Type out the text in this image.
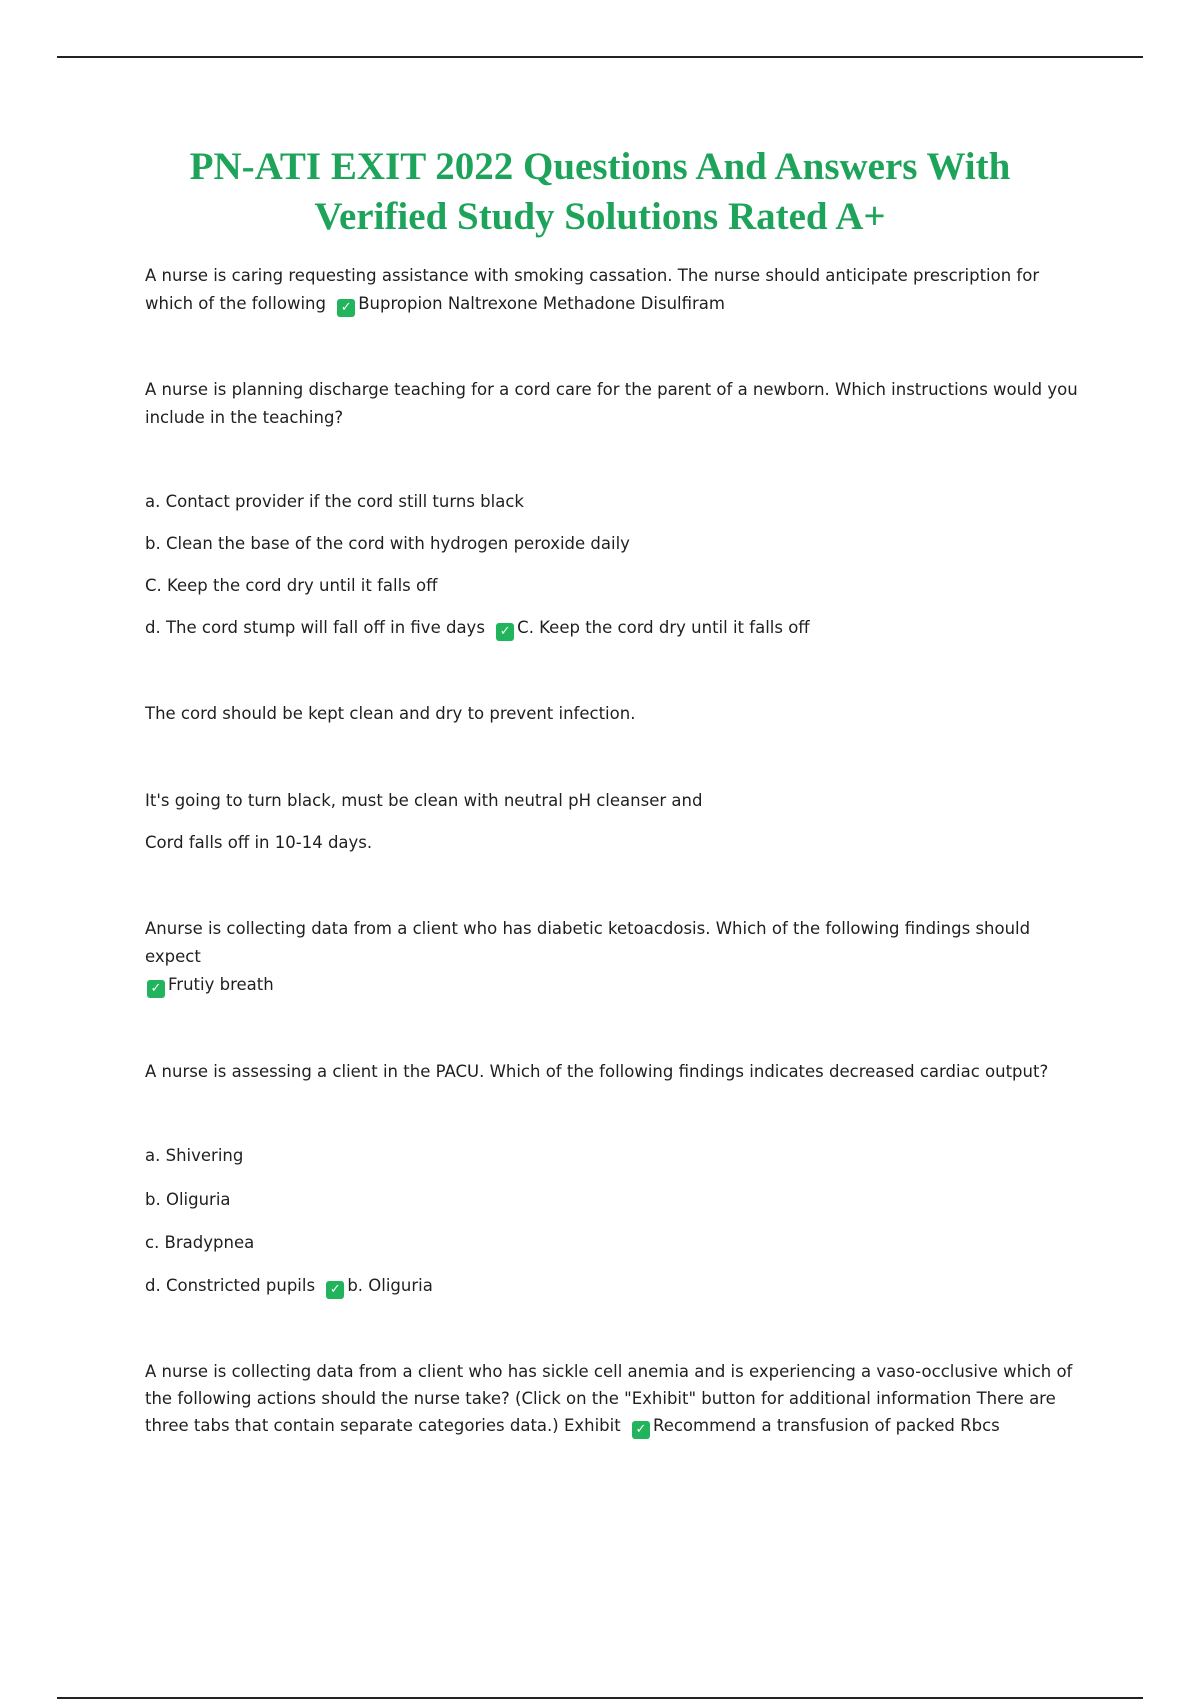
PN-ATI EXIT 2022 Questions And Answers With
Verified Study Solutions Rated A+

A nurse is caring requesting assistance with smoking cassation. The nurse should anticipate prescription for which of the following ✓ Bupropion Naltrexone Methadone Disulfiram

A nurse is planning discharge teaching for a cord care for the parent of a newborn. Which instructions would you include in the teaching?

a. Contact provider if the cord still turns black

b. Clean the base of the cord with hydrogen peroxide daily

C. Keep the cord dry until it falls off

d. The cord stump will fall off in five days ✓ C. Keep the cord dry until it falls off

The cord should be kept clean and dry to prevent infection.

It's going to turn black, must be clean with neutral pH cleanser and

Cord falls off in 10-14 days.

Anurse is collecting data from a client who has diabetic ketoacdosis. Which of the following findings should expect
✓ Frutiy breath

A nurse is assessing a client in the PACU. Which of the following findings indicates decreased cardiac output?

a. Shivering

b. Oliguria

c. Bradypnea

d. Constricted pupils ✓ b. Oliguria

A nurse is collecting data from a client who has sickle cell anemia and is experiencing a vaso-occlusive which of the following actions should the nurse take? (Click on the "Exhibit" button for additional information There are three tabs that contain separate categories data.) Exhibit ✓ Recommend a transfusion of packed Rbcs
